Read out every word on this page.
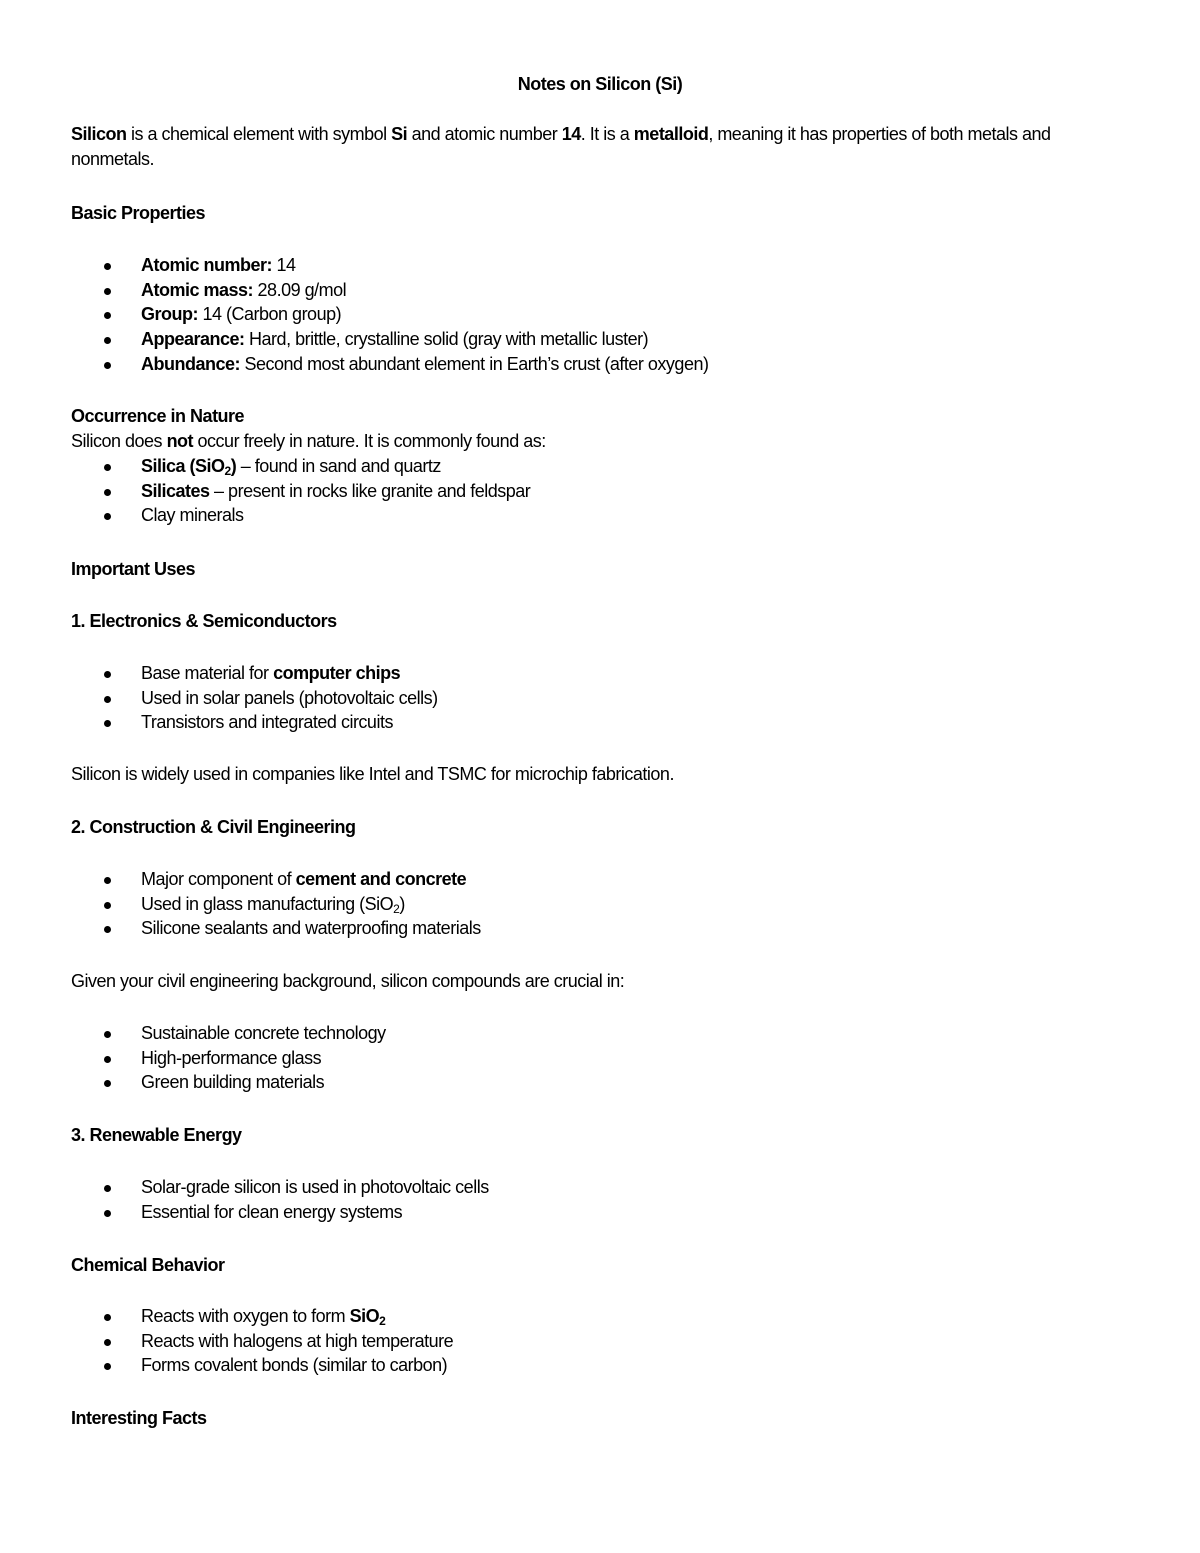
Notes on Silicon (Si)

Silicon is a chemical element with symbol Si and atomic number 14. It is a metalloid, meaning it has properties of both metals and nonmetals.

Basic Properties
Atomic number: 14
Atomic mass: 28.09 g/mol
Group: 14 (Carbon group)
Appearance: Hard, brittle, crystalline solid (gray with metallic luster)
Abundance: Second most abundant element in Earth’s crust (after oxygen)
Occurrence in Nature
Silicon does not occur freely in nature. It is commonly found as:
Silica (SiO$_2$) – found in sand and quartz
Silicates – present in rocks like granite and feldspar
Clay minerals
Important Uses
1. Electronics & Semiconductors
Base material for computer chips
Used in solar panels (photovoltaic cells)
Transistors and integrated circuits
Silicon is widely used in companies like Intel and TSMC for microchip fabrication.
2. Construction & Civil Engineering
Major component of cement and concrete
Used in glass manufacturing (SiO$_2$)
Silicone sealants and waterproofing materials
Given your civil engineering background, silicon compounds are crucial in:
Sustainable concrete technology
High-performance glass
Green building materials
3. Renewable Energy
Solar-grade silicon is used in photovoltaic cells
Essential for clean energy systems
Chemical Behavior
Reacts with oxygen to form SiO$_2$
Reacts with halogens at high temperature
Forms covalent bonds (similar to carbon)
Interesting Facts
